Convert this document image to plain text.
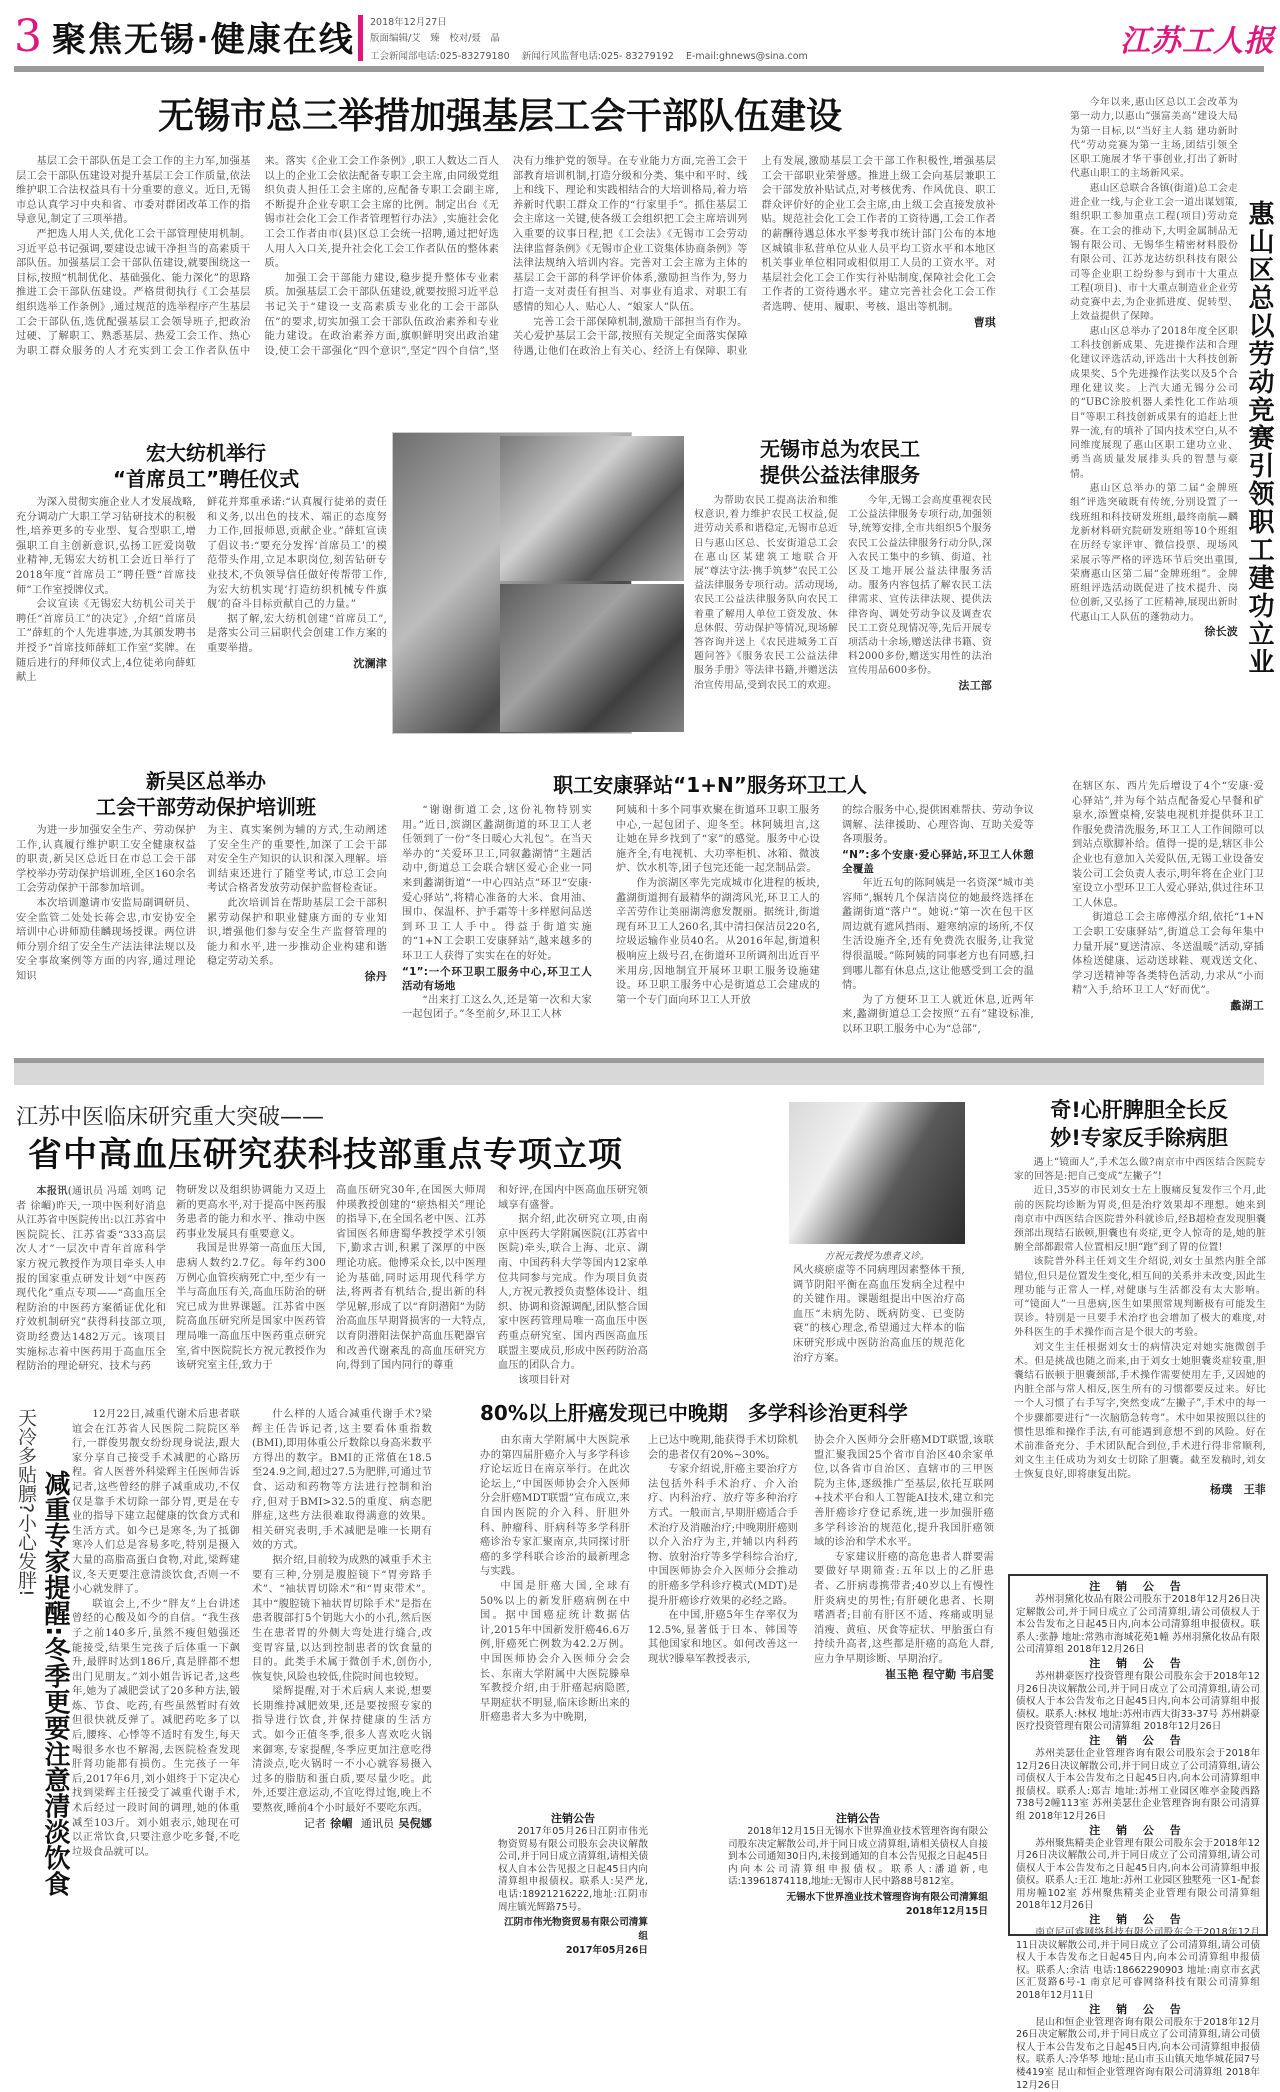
3 聚焦无锡·健康在线 2018年12月27日
版面编辑/艾　臻　校对/聂　晶
工会新闻部电话:025-83279180 新闻行风监督电话:025- 83279192 E-mail:ghnews@sina.com	江苏工人报
无锡市总三举措加强基层工会干部队伍建设

基层工会干部队伍是工会工作的主力军,加强基层工会干部队伍建设对提升基层工会工作质量,依法维护职工合法权益具有十分重要的意义。近日,无锡市总认真学习中央和省、市委对群团改革工作的指导意见,制定了三项举措。

严把选人用人关,优化工会干部管理使用机制。习近平总书记强调,要建设忠诚干净担当的高素质干部队伍。加强基层工会干部队伍建设,就要围绕这一目标,按照“机制优化、基础强化、能力深化”的思路推进工会干部队伍建设。严格贯彻执行《工会基层组织选举工作条例》,通过规范的选举程序产生基层工会干部队伍,选优配强基层工会领导班子,把政治过硬、了解职工、熟悉基层、热爱工会工作、热心为职工群众服务的人才充实到工会工作者队伍中来。落实《企业工会工作条例》,职工人数达二百人以上的企业工会依法配备专职工会主席,由同级党组织负责人担任工会主席的,应配备专职工会副主席,不断提升企业专职工会主席的比例。制定出台《无锡市社会化工会工作者管理暂行办法》,实施社会化工会工作者由市(县)区总工会统一招聘,通过把好选人用人入口关,提升社会化工会工作者队伍的整体素质。

加强工会干部能力建设,稳步提升整体专业素质。加强基层工会干部队伍建设,就要按照习近平总书记关于“建设一支高素质专业化的工会干部队伍”的要求,切实加强工会干部队伍政治素养和专业能力建设。在政治素养方面,旗帜鲜明突出政治建设,使工会干部强化“四个意识”,坚定“四个自信”,坚决有力维护党的领导。在专业能力方面,完善工会干部教育培训机制,打造分级和分类、集中和平时、线上和线下、理论和实践相结合的大培训格局,着力培养新时代职工群众工作的“行家里手”。抓住基层工会主席这一关键,使各级工会组织把工会主席培训列入重要的议事日程,把《工会法》《无锡市工会劳动法律监督条例》《无锡市企业工资集体协商条例》等法律法规纳入培训内容。完善对工会主席为主体的基层工会干部的科学评价体系,激励担当作为,努力打造一支对责任有担当、对事业有追求、对职工有感情的知心人、贴心人、“娘家人”队伍。

完善工会干部保障机制,激励干部担当有作为。关心爱护基层工会干部,按照有关规定全面落实保障待遇,让他们在政治上有关心、经济上有保障、职业上有发展,激励基层工会干部工作积极性,增强基层工会干部职业荣誉感。推进上级工会向基层兼职工会干部发放补贴试点,对考核优秀、作风优良、职工群众评价好的企业工会主席,由上级工会直接发放补贴。规范社会化工会工作者的工资待遇,工会工作者的薪酬待遇总体水平参考我市统计部门公布的本地区城镇非私营单位从业人员平均工资水平和本地区机关事业单位相同或相似用工人员的工资水平。对基层社会化工会工作实行补贴制度,保障社会化工会工作者的工资待遇水平。建立完善社会化工会工作者选聘、使用、履职、考核、退出等机制。

曹琪

今年以来,惠山区总以工会改革为第一动力,以惠山“强富美高”建设大局为第一目标,以“当好主人翁 建功新时代”劳动竞赛为第一主场,团结引领全区职工施展才华干事创业,打出了新时代惠山职工的主场新风采。

惠山区总联合各镇(街道)总工会走进企业一线,与企业工会一道出谋划策,组织职工参加重点工程(项目)劳动竞赛。在工会的推动下,大明金属制品无锡有限公司、无锡华生精密材料股份有限公司、江苏龙达纺织科技有限公司等企业职工纷纷参与到市十大重点工程(项目)、市十大重点制造业企业劳动竞赛中去,为企业抓进度、促转型、上效益提供了保障。

惠山区总举办了2018年度全区职工科技创新成果、先进操作法和合理化建议评选活动,评选出十大科技创新成果奖、5个先进操作法奖以及5个合理化建议奖。上汽大通无锡分公司的“UBC涂胶机器人柔性化工作站项目”等职工科技创新成果有的追赶上世界一流,有的填补了国内技术空白,从不同维度展现了惠山区职工建功立业、勇当高质量发展排头兵的智慧与豪情。

惠山区总举办的第二届“金牌班组”评选突破既有传统,分别设置了一线班组和科技研发班组,最终南航—麟龙新材料研究院研发班组等10个班组在历经专家评审、微信投票、现场风采展示等严格的评选环节后突出重围,荣膺惠山区第二届“金牌班组”。金牌班组评选活动既促进了技术提升、岗位创新,又弘扬了工匠精神,展现出新时代惠山工人队伍的蓬勃动力。

徐长波 惠山区总以劳动竞赛引领职工建功立业
宏大纺机举行
“首席员工”聘任仪式

为深入贯彻实施企业人才发展战略,充分调动广大职工学习钻研技术的积极性,培养更多的专业型、复合型职工,增强职工自主创新意识,弘扬工匠爱岗敬业精神,无锡宏大纺机工会近日举行了2018年度“首席员工”聘任暨“首席技师”工作室授牌仪式。

会议宣读《无锡宏大纺机公司关于聘任“首席员工”的决定》,介绍“首席员工”薛虹的个人先进事迹,为其颁发聘书并授予“首席技师薛虹工作室”奖牌。在随后进行的拜师仪式上,4位徒弟向薛虹献上

鲜花并郑重承诺:“认真履行徒弟的责任和义务,以出色的技术、端正的态度努力工作,回报师恩,贡献企业。”薛虹宣读了倡议书:“要充分发挥‘首席员工’的模范带头作用,立足本职岗位,刻苦钻研专业技术,不负领导信任做好传帮带工作,为宏大纺机实现‘打造纺织机械专件旗舰’的奋斗目标贡献自己的力量。”

据了解,宏大纺机创建“首席员工”,是落实公司三届职代会创建工作方案的重要举措。

沈澜津
无锡市总为农民工
提供公益法律服务

为帮助农民工提高法治和维权意识,着力维护农民工权益,促进劳动关系和谐稳定,无锡市总近日与惠山区总、长安街道总工会在惠山区某建筑工地联合开展“尊法守法·携手筑梦”农民工公益法律服务专项行动。活动现场,农民工公益法律服务队向农民工着重了解用人单位工资发放、休息休假、劳动保护等情况,现场解答咨询并送上《农民进城务工百题问答》《服务农民工公益法律服务手册》等法律书籍,并赠送法治宣传用品,受到农民工的欢迎。

今年,无锡工会高度重视农民工公益法律服务专项行动,加强领导,统筹安排,全市共组织5个服务农民工公益法律服务行动分队,深入农民工集中的乡镇、街道、社区及工地开展公益法律服务活动。服务内容包括了解农民工法律需求、宣传法律法规、提供法律咨询、调处劳动争议及调查农民工工资兑现情况等,先后开展专项活动十余场,赠送法律书籍、资料2000多份,赠送实用性的法治宣传用品600多份。

法工部
新吴区总举办
工会干部劳动保护培训班

为进一步加强安全生产、劳动保护工作,认真履行维护职工安全健康权益的职责,新吴区总近日在市总工会干部学校举办劳动保护培训班,全区160余名工会劳动保护干部参加培训。

本次培训邀请市安监局副调研员、安全监管二处处长蒋会忠,市安协安全培训中心讲师励佳麟现场授课。两位讲师分别介绍了安全生产法法律法规以及安全事故案例等方面的内容,通过理论知识

为主、真实案例为辅的方式,生动阐述了安全生产的重要性,加深了工会干部对安全生产知识的认识和深入理解。培训结束还进行了随堂考试,市总工会向考试合格者发放劳动保护监督检查证。

此次培训旨在帮助基层工会干部积累劳动保护和职业健康方面的专业知识,增强他们参与安全生产监督管理的能力和水平,进一步推动企业构建和谐稳定劳动关系。

徐丹
职工安康驿站“1+N”服务环卫工人

“谢谢街道工会,这份礼物特别实用。”近日,滨湖区蠡湖街道的环卫工人老任领到了一份“冬日暖心大礼包”。在当天举办的“关爱环卫工,同叙蠡湖情”主题活动中,街道总工会联合辖区爱心企业一同来到蠡湖街道“一中心四站点”环卫“安康·爱心驿站”,将精心准备的大米、食用油、围巾、保温杯、护手霜等十多样慰问品送到环卫工人手中。得益于街道实施的“1+N工会职工安康驿站”,越来越多的环卫工人获得了实实在在的好处。

“1”:一个环卫职工服务中心,环卫工人活动有场地

“出来打工这么久,还是第一次和大家一起包团子。”冬至前夕,环卫工人林

阿姨和十多个同事欢聚在街道环卫职工服务中心,一起包团子、迎冬至。林阿姨坦言,这让她在异乡找到了“家”的感觉。服务中心设施齐全,有电视机、大功率柜机、冰箱、微波炉、饮水机等,团子包完还能一起烹制品尝。

作为滨湖区率先完成城市化进程的板块,蠡湖街道拥有最精华的湖湾风光,环卫工人的辛苦劳作让美丽湖湾愈发靓丽。据统计,街道现有环卫工人260名,其中清扫保洁员220名,垃圾运输作业员40名。从2016年起,街道积极响应上级号召,在街道环卫所调剂出近百平米用房,因地制宜开展环卫职工服务设施建设。环卫职工服务中心是街道总工会建成的第一个专门面向环卫工人开放

的综合服务中心,提供困难帮扶、劳动争议调解、法律援助、心理咨询、互助关爱等各项服务。

“N”:多个安康·爱心驿站,环卫工人休憩全覆盖

年近五旬的陈阿姨是一名资深“城市美容师”,辗转几个保洁岗位的她最终选择在蠡湖街道“落户”。她说:“第一次在包干区周边就有遮风挡雨、避寒纳凉的场所,不仅生活设施齐全,还有免费洗衣服务,让我觉得很温暖。”陈阿姨的同事老方也有同感,扫到哪儿都有休息点,这让他感受到工会的温情。

为了方便环卫工人就近休息,近两年来,蠡湖街道总工会按照“五有”建设标准,以环卫职工服务中心为“总部”,

在辖区东、西片先后增设了4个“安康·爱心驿站”,并为每个站点配备爱心早餐和矿泉水,添置桌椅,安装电视机并提供环卫工作服免费清洗服务,环卫工人工作间隙可以到站点歇脚补给。值得一提的是,辖区非公企业也有意加入关爱队伍,无锡工业设备安装公司工会负责人表示,明年将在企业门卫室设立小型环卫工人爱心驿站,供过往环卫工人休息。

街道总工会主席傅泓介绍,依托“1+N工会职工安康驿站”,街道总工会每年集中力量开展“夏送清凉、冬送温暖”活动,穿插体检送健康、运动送球鞋、观戏送文化、学习送精神等各类特色活动,力求从“小而精”入手,给环卫工人“好而优”。

蠡湖工
江苏中医临床研究重大突破——
省中高血压研究获科技部重点专项立项

本报讯(通讯员 冯瑶 刘鸣 记者 徐嵋)昨天,一项中医利好消息从江苏省中医院传出:以江苏省中医院院长、江苏省委“333高层次人才”一层次中青年首席科学家方祝元教授作为项目牵头人申报的国家重点研发计划“中医药现代化”重点专项——“高血压全程防治的中医药方案循证优化和疗效机制研究”获得科技部立项,资助经费达1482万元。该项目实施标志着中医药用于高血压全程防治的理论研究、技术与药

物研发以及组织协调能力又迈上新的更高水平,对于提高中医药服务患者的能力和水平、推动中医药事业发展具有重要意义。

我国是世界第一高血压大国,患病人数约2.7亿。每年约300万例心血管疾病死亡中,至少有一半与高血压有关,高血压防治的研究已成为世界课题。江苏省中医院高血压研究所是国家中医药管理局唯一高血压中医药重点研究室,省中医院院长方祝元教授作为该研究室主任,致力于

高血压研究30年,在国医大师周仲瑛教授创建的“瘀热相关”理论的指导下,在全国名老中医、江苏省国医名师唐蜀华教授学术引领下,勤求古训,积累了深厚的中医理论功底。他博采众长,以中医理论为基础,同时运用现代科学方法,将两者有机结合,提出新的科学见解,形成了以“育阴潜阳”为防治高血压早期肾损害的一大特点,以育阴潜阳法保护高血压靶器官和改善代谢紊乱的高血压研究方向,得到了国内同行的尊重

和好评,在国内中医高血压研究领域享有盛誉。

据介绍,此次研究立项,由南京中医药大学附属医院(江苏省中医院)牵头,联合上海、北京、湖南、中国药科大学等国内12家单位共同参与完成。作为项目负责人,方祝元教授负责整体设计、组织、协调和资源调配,团队整合国家中医药管理局唯一高血压中医药重点研究室、国内西医高血压联盟主要成员,形成中医药防治高血压的团队合力。

该项目针对

方祝元教授为患者义诊。

风火痰瘀虚等不同病理因素整体干预,调节阴阳平衡在高血压发病全过程中的关键作用。课题组提出中医治疗高血压“未病先防、既病防变、已变防衰”的核心理念,希望通过大样本的临床研究形成中医防治高血压的规范化治疗方案。

奇!心肝脾胆全长反
妙!专家反手除病胆

遇上“镜面人”,手术怎么做?南京市中西医结合医院专家的回答是:把自己变成“左撇子”!

近日,35岁的市民刘女士左上腹痛反复发作三个月,此前的医院均诊断为胃炎,但是治疗效果却不理想。她来到南京市中西医结合医院普外科就诊后,经B超检查发现胆囊颈部出现结石嵌顿,胆囊也有炎症,更令人惊奇的是,她的脏腑全部都跟常人位置相反!胆“跑”到了胃的位置!

该院普外科主任刘文生介绍说,刘女士虽然内脏全部错位,但只是位置发生变化,相互间的关系并未改变,因此生理功能与正常人一样,对健康与生活都没有太大影响。可“镜面人”一旦患病,医生如果照常规判断极有可能发生误诊。特别是一旦要手术治疗也会增加了极大的难度,对外科医生的手术操作而言是个很大的考验。

刘文生主任根据刘女士的病情决定对她实施微创手术。但是挑战也随之而来,由于刘女士她胆囊炎症较重,胆囊结石嵌顿于胆囊颈部,手术操作需要使用左手,又因她的内脏全部与常人相反,医生所有的习惯都要反过来。好比一个人习惯了右手写字,突然变成“左撇子”,手术中的每一个步骤都要进行“一次脑筋急转弯”。术中如果按照以往的惯性思维和操作手法,有可能遇到意想不到的风险。好在术前准备充分、手术团队配合到位,手术进行得非常顺利,刘文生主任成功为刘女士切除了胆囊。截至发稿时,刘女士恢复良好,即将康复出院。

杨璞　王菲
天冷多贴膘?小心发胖! 减重专家提醒:冬季更要注意清淡饮食

12月22日,减重代谢术后患者联谊会在江苏省人民医院二院院区举行,一群俊男靓女纷纷现身说法,跟大家分享自己接受手术减肥的心路历程。省人医普外科梁辉主任医师告诉记者,这些曾经的胖子减重成功,不仅仅是靠手术切除一部分胃,更是在专业的指导下建立起健康的饮食方式和生活方式。如今已是寒冬,为了抵御寒冷人们总是容易多吃,特别是摄入大量的高脂高蛋白食物,对此,梁辉建议,冬天更要注意清淡饮食,否则一不小心就发胖了。

联谊会上,不少“胖友”上台讲述曾经的心酸及如今的自信。“我生孩子之前140多斤,虽然不瘦但勉强还能接受,结果生完孩子后体重一下飙升,最胖时达到186斤,真是胖都不想出门见朋友。”刘小姐告诉记者,这些年,她为了减肥尝试了20多种方法,锻炼、节食、吃药,有些虽然暂时有效但很快就反弹了。减肥药吃多了以后,腰疼、心悸等不适时有发生,每天喝很多水也不解渴,去医院检查发现肝肾功能都有损伤。生完孩子一年后,2017年6月,刘小姐终于下定决心找到梁辉主任接受了减重代谢手术,术后经过一段时间的调理,她的体重减至103斤。刘小姐表示,她现在可以正常饮食,只要注意少吃多餐,不吃垃圾食品就可以。

什么样的人适合减重代谢手术?梁辉主任告诉记者,这主要看体重指数(BMI),即用体重公斤数除以身高米数平方得出的数字。BMI的正常值在18.5至24.9之间,超过27.5为肥胖,可通过节食、运动和药物等方法进行控制和治疗,但对于BMI>32.5的重度、病态肥胖症,这些方法很难取得满意的效果。相关研究表明,手术减肥是唯一长期有效的方式。

据介绍,目前较为成熟的减重手术主要有三种,分别是腹腔镜下“胃旁路手术”、“袖状胃切除术”和“胃束带术”。其中“腹腔镜下袖状胃切除手术”是指在患者腹部打5个钥匙大小的小孔,然后医生在患者胃的外侧大弯处进行缝合,改变胃容量,以达到控制患者的饮食量的目的。此类手术属于微创手术,创伤小,恢复快,风险也较低,住院时间也较短。

梁辉提醒,对于术后病人来说,想要长期维持减肥效果,还是要按照专家的指导进行饮食,并保持健康的生活方式。如今正值冬季,很多人喜欢吃火锅来御寒,专家提醒,冬季应更加注意吃得清淡点,吃火锅时一不小心就容易摄入过多的脂肪和蛋白质,要尽量少吃。此外,还要注意运动,不宜吃得过饱,晚上不要熬夜,睡前4个小时最好不要吃东西。

记者 徐嵋 通讯员 吴倪娜
80%以上肝癌发现已中晚期　多学科诊治更科学

由东南大学附属中大医院承办的第四届肝癌介入与多学科诊疗论坛近日在南京举行。在此次论坛上,“中国医师协会介入医师分会肝癌MDT联盟”宣布成立,来自国内医院的介入科、肝胆外科、肿瘤科、肝病科等多学科肝癌诊治专家汇聚南京,共同探讨肝癌的多学科联合诊治的最新理念与实践。

中国是肝癌大国,全球有50%以上的新发肝癌病例在中国。据中国癌症统计数据估计,2015年中国新发肝癌46.6万例,肝癌死亡例数为42.2万例。中国医师协会介入医师分会会长、东南大学附属中大医院滕皋军教授介绍,由于肝癌起病隐匿,早期症状不明显,临床诊断出来的肝癌患者大多为中晚期,

上已达中晚期,能获得手术切除机会的患者仅有20%~30%。

专家介绍说,肝癌主要治疗方法包括外科手术治疗、介入治疗、内科治疗、放疗等多种治疗方式。一般而言,早期肝癌适合手术治疗及消融治疗;中晚期肝癌则以介入治疗为主,并辅以内科药物、放射治疗等多学科综合治疗,中国医师协会介入医师分会推动的肝癌多学科诊疗模式(MDT)是提升肝癌诊疗效果的必经之路。

在中国,肝癌5年生存率仅为12.5%,显著低于日本、韩国等其他国家和地区。如何改善这一现状?滕皋军教授表示,

协会介入医师分会肝癌MDT联盟,该联盟汇聚我国25个省市自治区40余家单位,以各省市自治区、直辖市的三甲医院为主体,逐级推广至基层,依托互联网+技术平台和人工智能AI技术,建立和完善肝癌诊疗登记系统,进一步加强肝癌多学科诊治的规范化,提升我国肝癌领域的诊治和学术水平。

专家建议肝癌的高危患者人群要需要做好早期筛查:五年以上的乙肝患者、乙肝病毒携带者;40岁以上有慢性肝炎病史的男性;有肝硬化患者、长期嗜酒者;目前有肝区不适、疼痛或明显消瘦、黄疸、厌食等症状、甲胎蛋白有持续升高者,这些都是肝癌的高危人群,应力争早期诊断、早期治疗。

崔玉艳 程守勤 韦启雯
注销公告
2017年05月26日江阴市伟光物资贸易有限公司股东会决议解散公司,并于同日成立清算组,请相关债权人自本公告见报之日起45日内向清算组申报债权。联系人:吴严龙,电话:18921216222,地址:江阴市周庄镇光辉路75号。
江阴市伟光物资贸易有限公司清算组
2017年05月26日
注销公告
2018年12月15日无锡水下世界渔业技术管理咨询有限公司股东决定解散公司,并于同日成立清算组,请相关债权人自接到本公司通知30日内,未接到通知的自本公告见报之日起45日内向本公司清算组申报债权。联系人:潘道新,电话:13961874118,地址:无锡市人民中路88号812室。
无锡水下世界渔业技术管理咨询有限公司清算组
2018年12月15日
注 销 公 告
苏州羽黛化妆品有限公司股东于2018年12月26日决定解散公司,并于同日成立了公司清算组,请公司债权人于本公告发布之日起45日内,向本公司清算组申报债权。联系人:张静 地址:常熟市海城花苑1幢 苏州羽黛化妆品有限公司清算组 2018年12月26日
注 销 公 告
苏州耕豪医疗投资管理有限公司股东会于2018年12月26日决议解散公司,并于同日成立了公司清算组,请公司债权人于本公告发布之日起45日内,向本公司清算组申报债权。联系人:林权 地址:苏州市西大街33-37号 苏州耕豪医疗投资管理有限公司清算组 2018年12月26日
注 销 公 告
苏州美瑟仕企业管理咨询有限公司股东会于2018年12月26日决议解散公司,并于同日成立了公司清算组,请公司债权人于本公告发布之日起45日内,向本公司清算组申报债权。联系人:郑吉 地址:苏州工业园区唯亭金陵西路738号2幢113室 苏州美瑟仕企业管理咨询有限公司清算组 2018年12月26日
注 销 公 告
苏州聚焦精美企业管理有限公司股东会于2018年12月26日决议解散公司,并于同日成立了公司清算组,请公司债权人于本公告发布之日起45日内,向本公司清算组申报债权。联系人:王江 地址:苏州工业园区独墅苑一区1-配套用房幢102室 苏州聚焦精美企业管理有限公司清算组 2018年12月26日
注 销 公 告
南京尼可睿网络科技有限公司股东会于2018年12月11日决议解散公司,并于同日成立了公司清算组,请公司债权人于本告发布之日起45日内,向本公司清算组申报债权。联系人:余洁 电话:18662290903 地址:南京市玄武区汇贤路6号-1 南京尼可睿网络科技有限公司清算组 2018年12月11日
注 销 公 告
昆山和恒企业管理咨询有限公司股东于2018年12月26日决定解散公司,并于同日成立了公司清算组,请公司债权人于本公告发布之日起45日内,向本公司清算组申报债权。联系人:冷华琴 地址:昆山市玉山镇天地华城花园7号楼419室 昆山和恒企业管理咨询有限公司清算组 2018年12月26日
